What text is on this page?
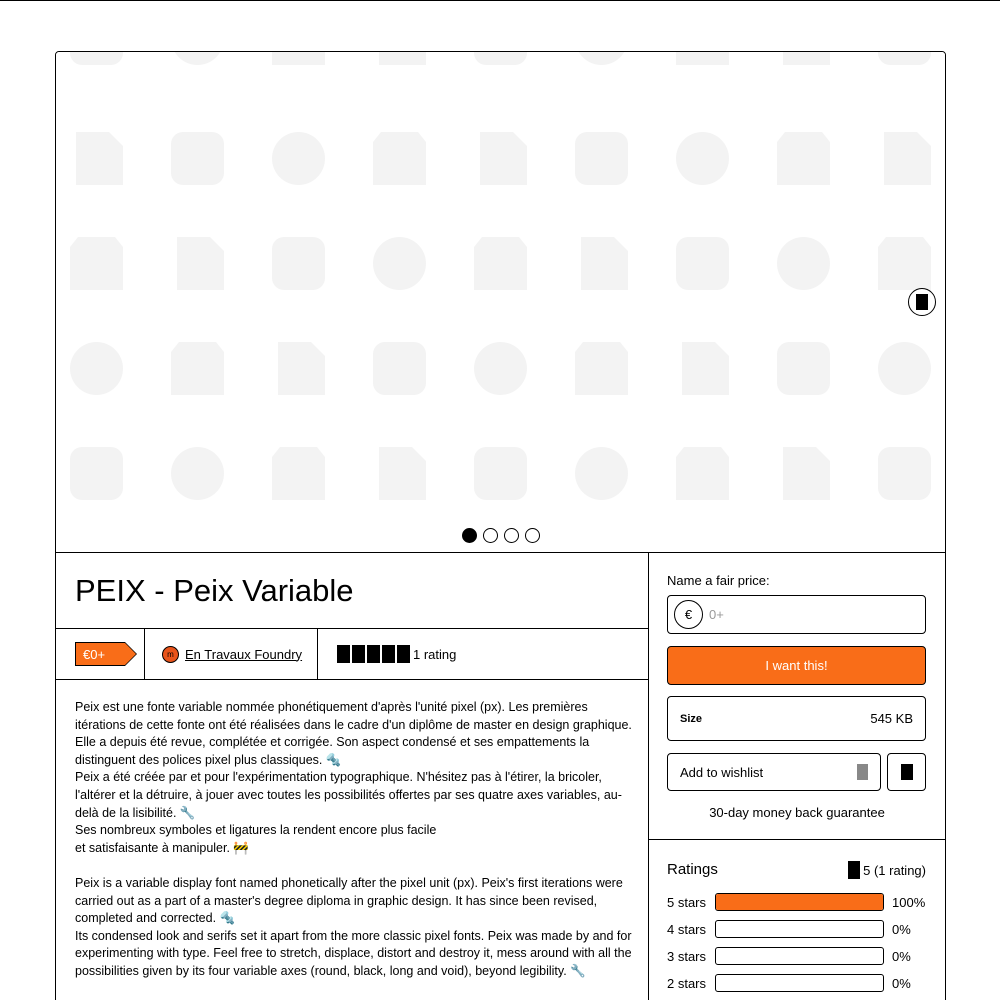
PEIX - Peix Variable
€0+	m En Travaux Foundry	1 rating

Peix est une fonte variable nommée phonétiquement d'après l'unité pixel (px). Les premières itérations de cette fonte ont été réalisées dans le cadre d'un diplôme de master en design graphique. Elle a depuis été revue, complétée et corrigée. Son aspect condensé et ses empattements la distinguent des polices pixel plus classiques. 🔩

Peix a été créée par et pour l'expérimentation typographique. N'hésitez pas à l'étirer, la bricoler, l'altérer et la détruire, à jouer avec toutes les possibilités offertes par ses quatre axes variables, au-delà de la lisibilité. 🔧

Ses nombreux symboles et ligatures la rendent encore plus facile

et satisfaisante à manipuler. 🚧

Peix is a variable display font named phonetically after the pixel unit (px). Peix's first iterations were carried out as a part of a master's degree diploma in graphic design. It has since been revised, completed and corrected. 🔩

Its condensed look and serifs set it apart from the more classic pixel fonts. Peix was made by and for experimenting with type. Feel free to stretch, displace, distort and destroy it, mess around with all the possibilities given by its four variable axes (round, black, long and void), beyond legibility. 🔧

Name a fair price:
€
0+
I want this!
Size	545 KB
Add to wishlist
30-day money back guarantee
Ratings	5 (1 rating)
5 stars	100%
4 stars	0%
3 stars	0%
2 stars	0%
